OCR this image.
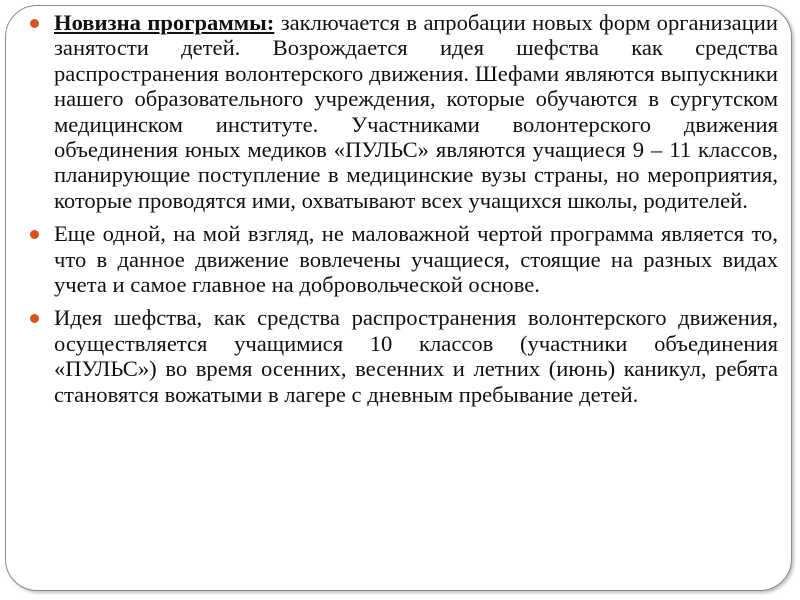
Новизна программы: заключается в апробации новых форм организации занятости детей. Возрождается идея шефства как средства распространения волонтерского движения. Шефами являются выпускники нашего образовательного учреждения, которые обучаются в сургутском медицинском институте. Участниками волонтерского движения объединения юных медиков «ПУЛЬС» являются учащиеся 9 – 11 классов, планирующие поступление в медицинские вузы страны, но мероприятия, которые проводятся ими, охватывают всех учащихся школы, родителей.
Еще одной, на мой взгляд, не маловажной чертой программа является то, что в данное движение вовлечены учащиеся, стоящие на разных видах учета и самое главное на добровольческой основе.
Идея шефства, как средства распространения волонтерского движения, осуществляется учащимися 10 классов (участники объединения «ПУЛЬС») во время осенних, весенних и летних (июнь) каникул, ребята становятся вожатыми в лагере с дневным пребывание детей.
